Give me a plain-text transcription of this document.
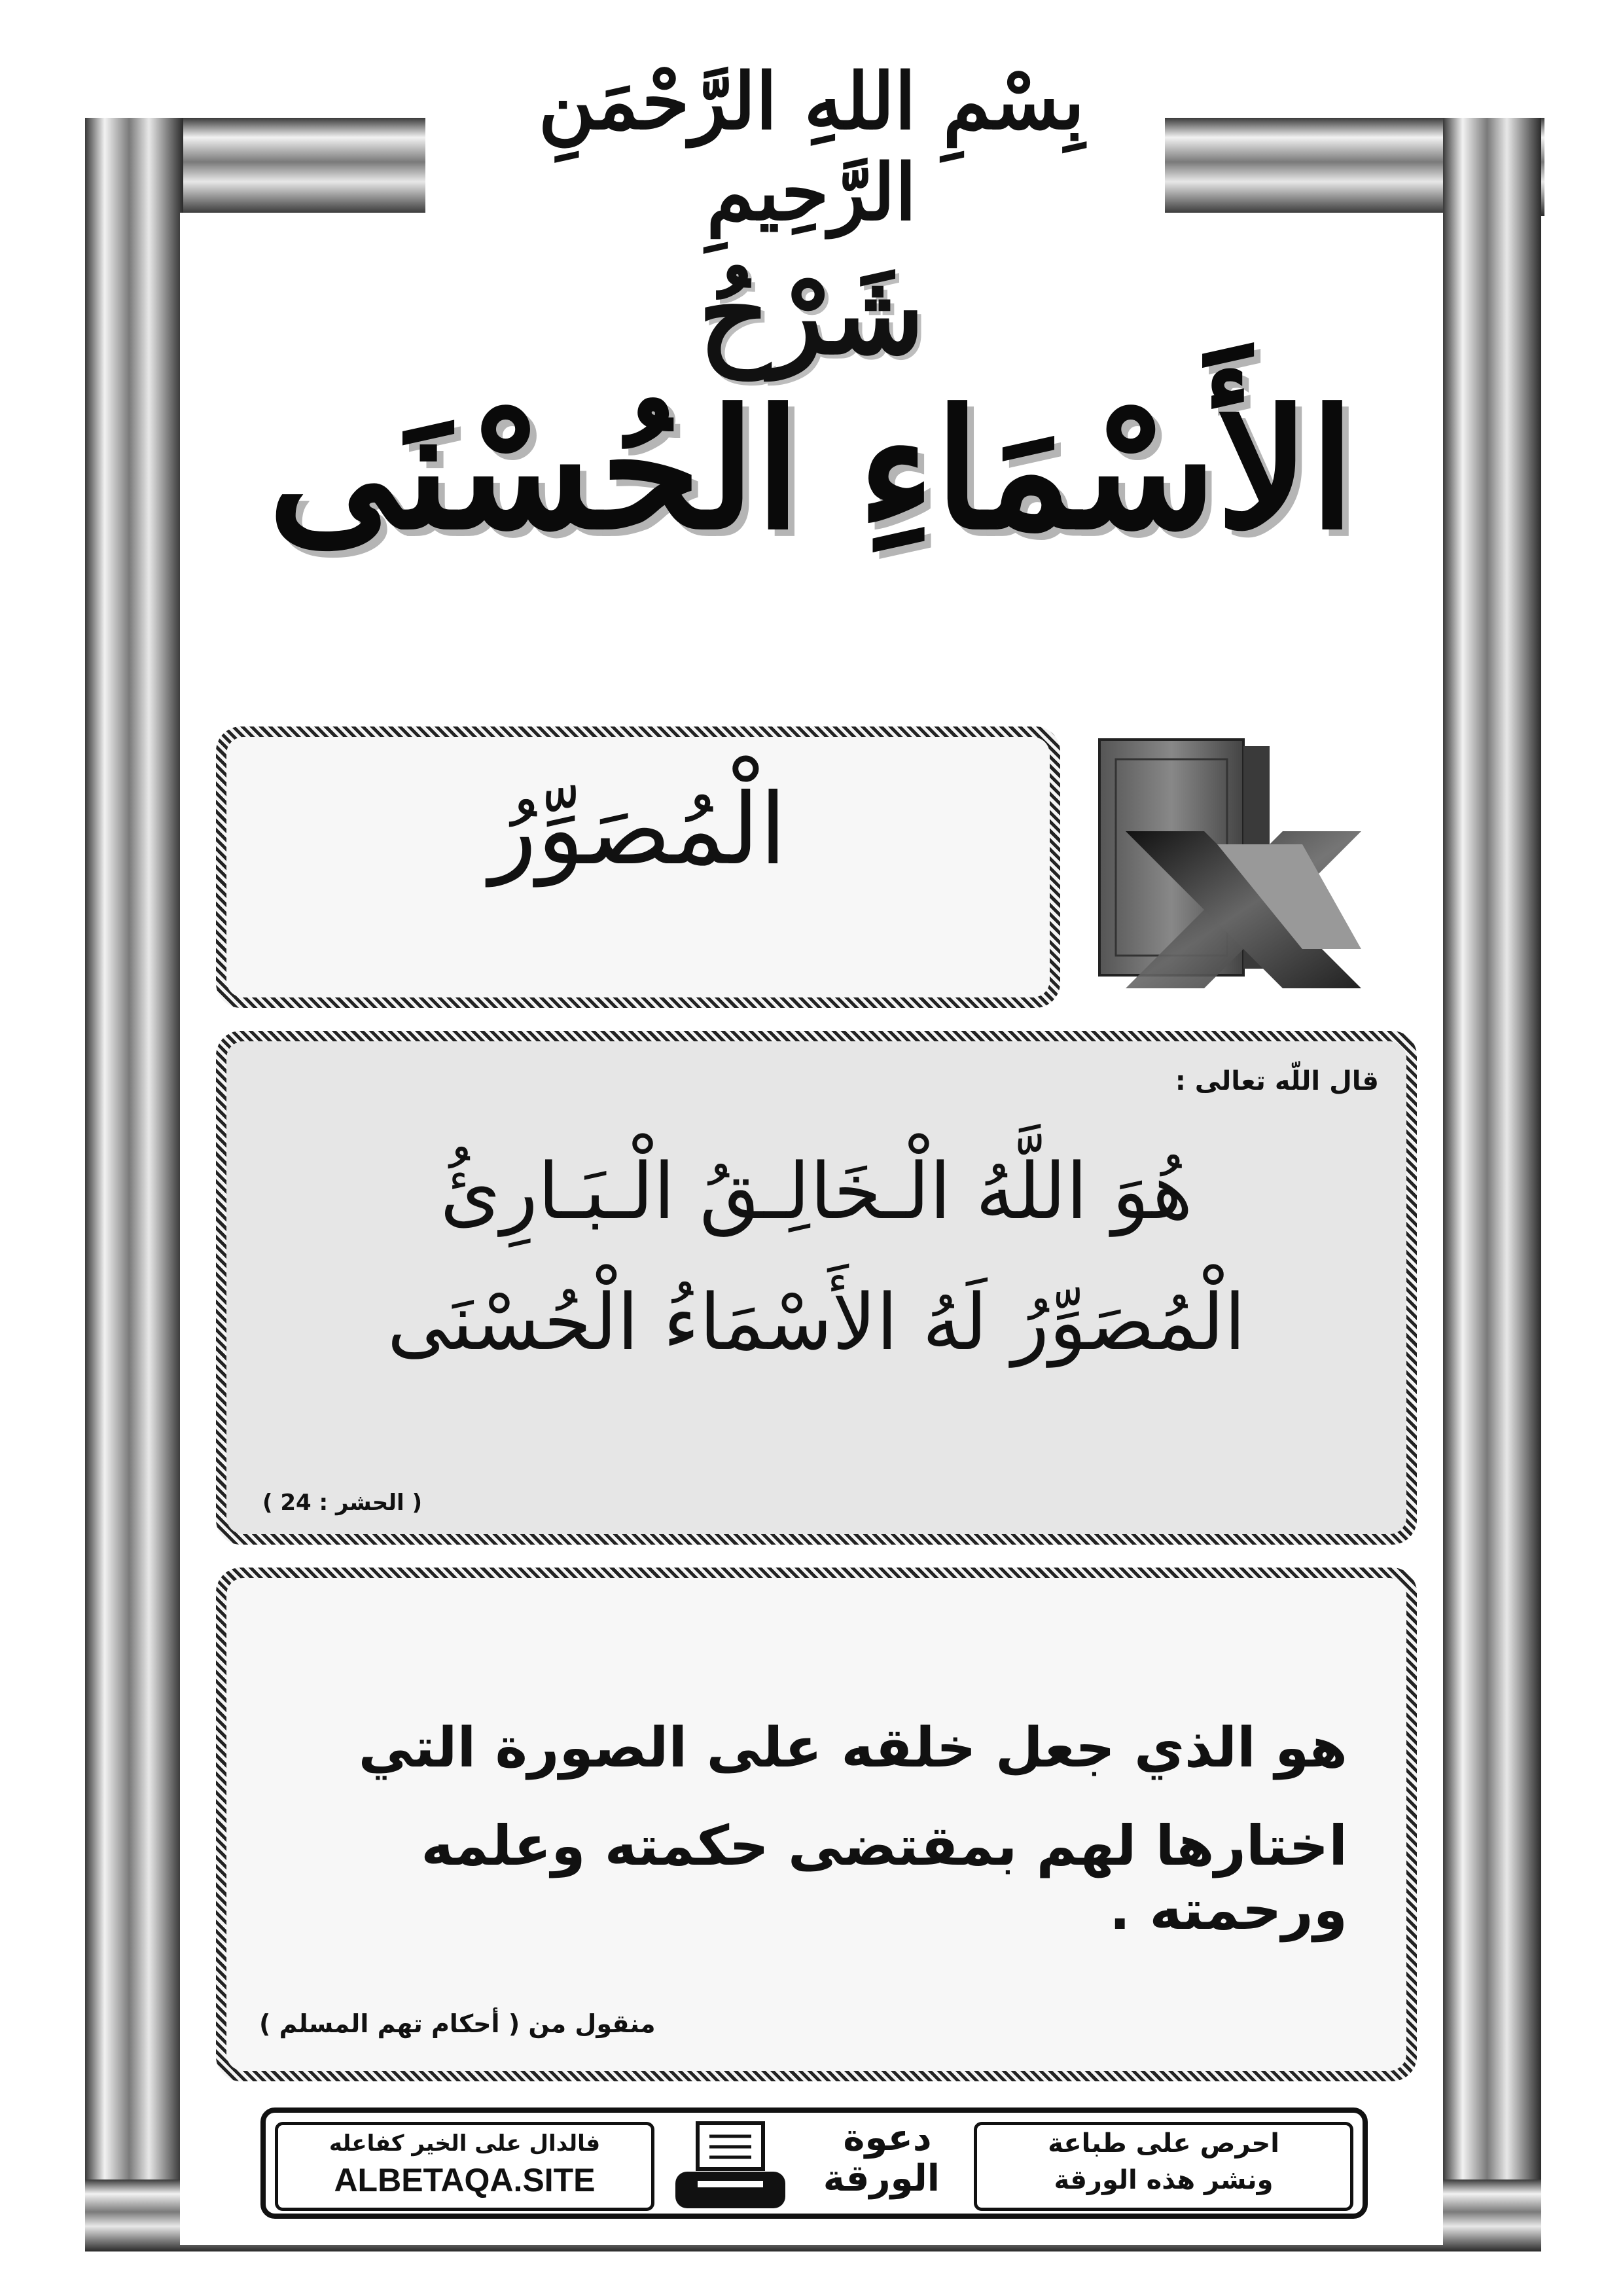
بِسْمِ اللهِ الرَّحْمَنِ الرَّحِيمِ
شَرْحُ
الأَسْمَاءِ الحُسْنَى
الْمُصَوِّرُ
قال اللّه تعالى :
هُوَ اللَّهُ الْـخَالِـقُ الْـبَـارِئُ
الْمُصَوِّرُ لَهُ الأَسْمَاءُ الْحُسْنَى
( الحشر : 24 )
هو الذي جعل خلقه على الصورة التي
اختارها لهم بمقتضى حكمته وعلمه ورحمته .
منقول من ( أحكام تهم المسلم )
احرص على طباعة
ونشر هذه الورقة
دعوة
الورقة
فالدال على الخير كفاعله
ALBETAQA.SITE
